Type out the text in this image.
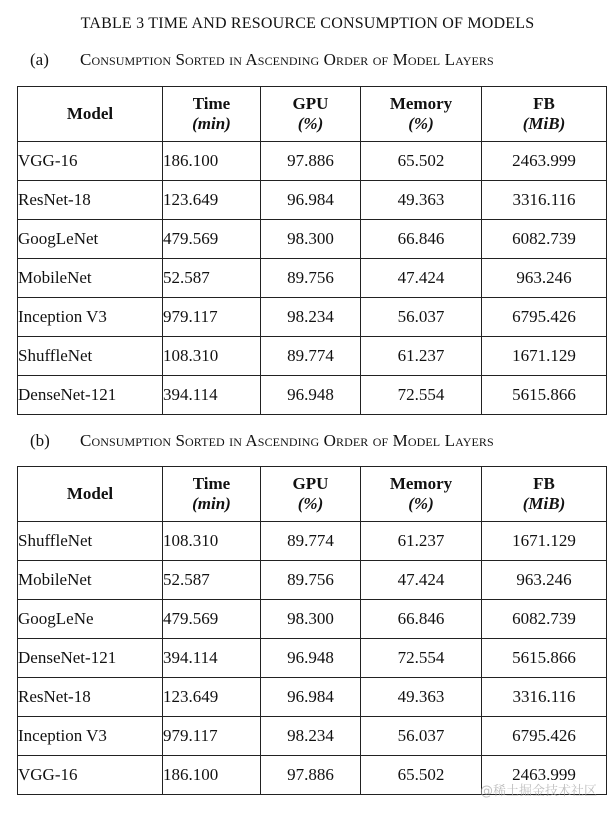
TABLE 3 TIME AND RESOURCE CONSUMPTION OF MODELS
(a)	Consumption Sorted in Ascending Order of Model Layers
Model	Time	GPU	Memory	FB
	(min)	(%)	(%)	(MiB)
VGG-16	186.100	97.886	65.502	2463.999
ResNet-18	123.649	96.984	49.363	3316.116
GoogLeNet	479.569	98.300	66.846	6082.739
MobileNet	52.587	89.756	47.424	963.246
Inception V3	979.117	98.234	56.037	6795.426
ShuffleNet	108.310	89.774	61.237	1671.129
DenseNet-121	394.114	96.948	72.554	5615.866
(b)	Consumption Sorted in Ascending Order of Model Layers
Model	Time	GPU	Memory	FB
	(min)	(%)	(%)	(MiB)
ShuffleNet	108.310	89.774	61.237	1671.129
MobileNet	52.587	89.756	47.424	963.246
GoogLeNe	479.569	98.300	66.846	6082.739
DenseNet-121	394.114	96.948	72.554	5615.866
ResNet-18	123.649	96.984	49.363	3316.116
Inception V3	979.117	98.234	56.037	6795.426
VGG-16	186.100	97.886	65.502	2463.999
@稀土掘金技术社区
